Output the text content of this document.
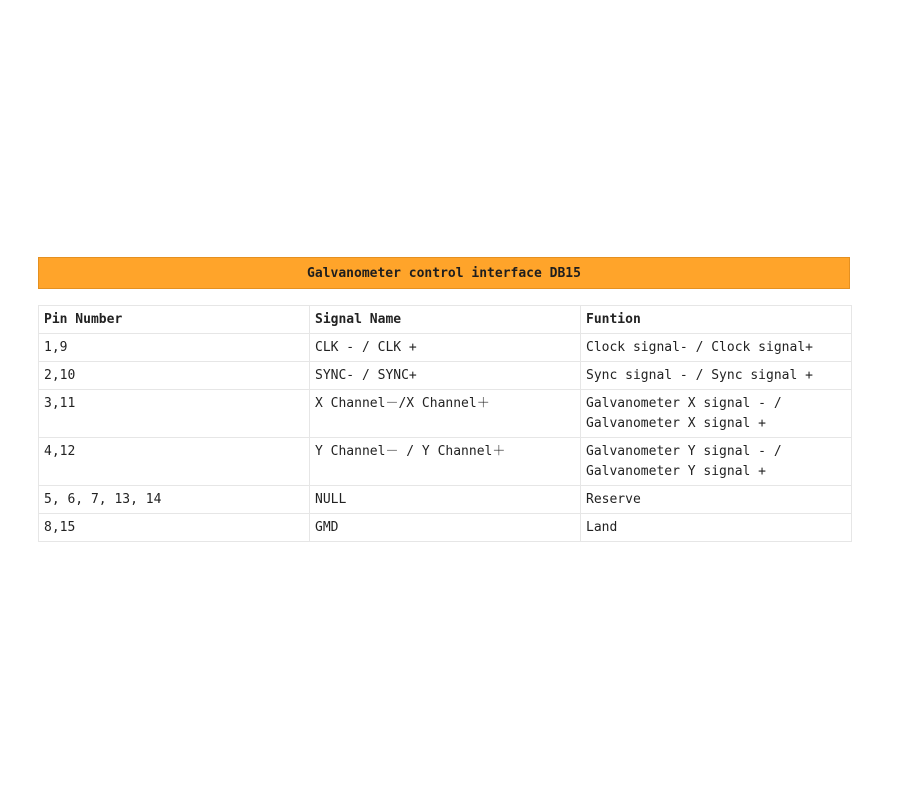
Galvanometer control interface DB15
Pin Number	Signal Name	Funtion
1,9	CLK - / CLK +	Clock signal- / Clock signal+

2,10	SYNC- / SYNC+	Sync signal - / Sync signal +

3,11	X Channel－/X Channel＋	Galvanometer X signal - /
Galvanometer X signal +

4,12	Y Channel－ / Y Channel＋	Galvanometer Y signal - /
Galvanometer Y signal +

5, 6, 7, 13, 14	NULL	Reserve

8,15	GMD	Land
